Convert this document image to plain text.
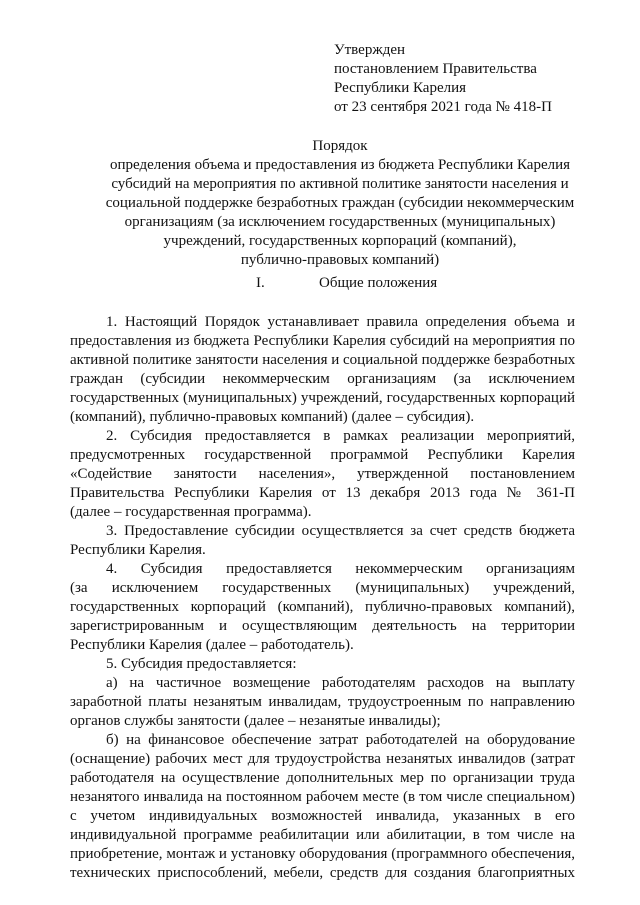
Утвержден
постановлением Правительства
Республики Карелия
от 23 сентября 2021 года № 418-П
Порядок
определения объема и предоставления из бюджета Республики Карелия
субсидий на мероприятия по активной политике занятости населения и
социальной поддержке безработных граждан (субсидии некоммерческим
организациям (за исключением государственных (муниципальных)
учреждений, государственных корпораций (компаний),
публично-правовых компаний)
I.	Общие положения
1. Настоящий Порядок устанавливает правила определения объема и
предоставления из бюджета Республики Карелия субсидий на мероприятия по
активной политике занятости населения и социальной поддержке безработных
граждан (субсидии некоммерческим организациям (за исключением
государственных (муниципальных) учреждений, государственных корпораций
(компаний), публично-правовых компаний) (далее – субсидия).
2. Субсидия предоставляется в рамках реализации мероприятий,
предусмотренных государственной программой Республики Карелия
«Содействие занятости населения», утвержденной постановлением
Правительства Республики Карелия от 13 декабря 2013 года № 361-П
(далее – государственная программа).
3. Предоставление субсидии осуществляется за счет средств бюджета
Республики Карелия.
4. Субсидия предоставляется некоммерческим организациям
(за исключением государственных (муниципальных) учреждений,
государственных корпораций (компаний), публично-правовых компаний),
зарегистрированным и осуществляющим деятельность на территории
Республики Карелия (далее – работодатель).
5. Субсидия предоставляется:
а) на частичное возмещение работодателям расходов на выплату
заработной платы незанятым инвалидам, трудоустроенным по направлению
органов службы занятости (далее – незанятые инвалиды);
б) на финансовое обеспечение затрат работодателей на оборудование
(оснащение) рабочих мест для трудоустройства незанятых инвалидов (затрат
работодателя на осуществление дополнительных мер по организации труда
незанятого инвалида на постоянном рабочем месте (в том числе специальном)
с учетом индивидуальных возможностей инвалида, указанных в его
индивидуальной программе реабилитации или абилитации, в том числе на
приобретение, монтаж и установку оборудования (программного обеспечения,
технических приспособлений, мебели, средств для создания благоприятных
